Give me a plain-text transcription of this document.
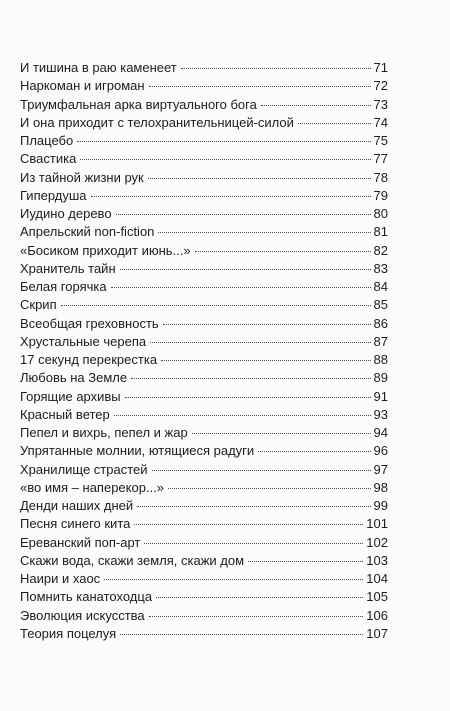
И тишина в раю каменеет	71
Наркоман и игроман	72
Триумфальная арка виртуального бога	73
И она приходит с телохранительницей-силой	74
Плацебо	75
Свастика	77
Из тайной жизни рук	78
Гипердуша	79
Иудино дерево	80
Апрельский non-fiction	81
«Босиком приходит июнь...»	82
Хранитель тайн	83
Белая горячка	84
Скрип	85
Всеобщая греховность	86
Хрустальные черепа	87
17 секунд перекрестка	88
Любовь на Земле	89
Горящие архивы	91
Красный ветер	93
Пепел и вихрь, пепел и жар	94
Упрятанные молнии, ютящиеся радуги	96
Хранилище страстей	97
«во имя – наперекор...»	98
Денди наших дней	99
Песня синего кита	101
Ереванский поп-арт	102
Скажи вода, скажи земля, скажи дом	103
Наири и хаос	104
Помнить канатоходца	105
Эволюция искусства	106
Теория поцелуя	107
